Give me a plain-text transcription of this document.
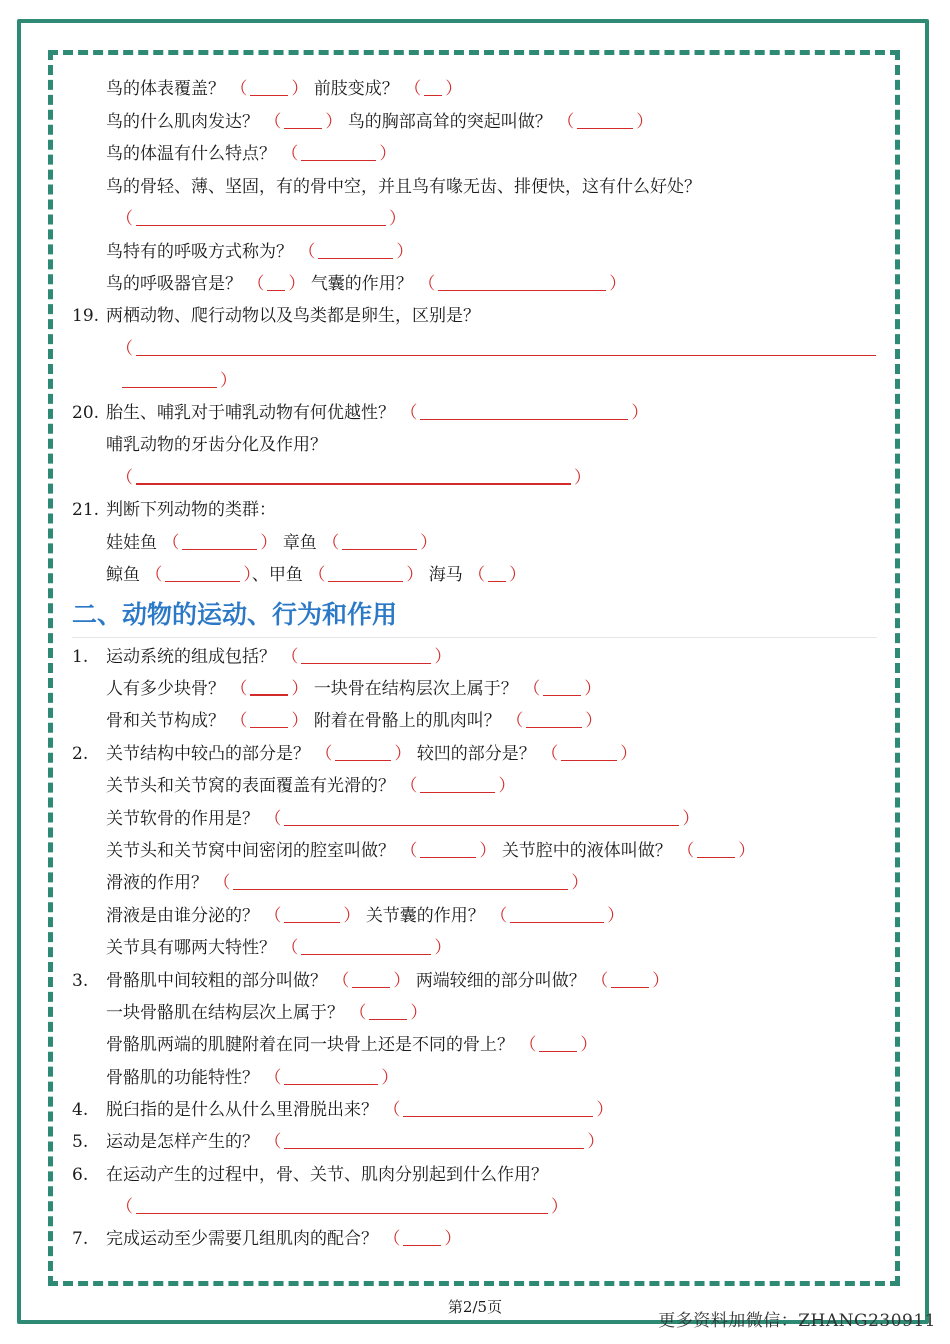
鸟的体表覆盖？ （	） 前肢变成？ （ ）
鸟的什么肌肉发达？ （	） 鸟的胸部高耸的突起叫做？ （	）
鸟的体温有什么特点？ （	）
鸟的骨轻、薄、坚固，有的骨中空，并且鸟有喙无齿、排便快，这有什么好处？
（	）
鸟特有的呼吸方式称为？ （	）
鸟的呼吸器官是？ （ ） 气囊的作用？ （	）
19. 两栖动物、爬行动物以及鸟类都是卵生，区别是？
（
）
20. 胎生、哺乳对于哺乳动物有何优越性？ （	）
哺乳动物的牙齿分化及作用？
（	）
21. 判断下列动物的类群：
娃娃鱼 （	） 章鱼 （	）
鲸鱼 （	）、甲鱼 （	） 海马 （ ）
二、动物的运动、行为和作用
1. 运动系统的组成包括？ （	）
人有多少块骨？ （	） 一块骨在结构层次上属于？ （	）
骨和关节构成？ （	） 附着在骨骼上的肌肉叫？ （	）
2. 关节结构中较凸的部分是？ （	） 较凹的部分是？ （	）
关节头和关节窝的表面覆盖有光滑的？ （	）
关节软骨的作用是？ （	）
关节头和关节窝中间密闭的腔室叫做？ （	） 关节腔中的液体叫做？ （	）
滑液的作用？ （	）
滑液是由谁分泌的？ （	） 关节囊的作用？ （	）
关节具有哪两大特性？ （	）
3. 骨骼肌中间较粗的部分叫做？ （	） 两端较细的部分叫做？ （	）
一块骨骼肌在结构层次上属于？ （	）
骨骼肌两端的肌腱附着在同一块骨上还是不同的骨上？ （	）
骨骼肌的功能特性？ （	）
4. 脱臼指的是什么从什么里滑脱出来？ （	）
5. 运动是怎样产生的？ （	）
6. 在运动产生的过程中，骨、关节、肌肉分别起到什么作用？
（	）
7. 完成运动至少需要几组肌肉的配合？ （	）
第2/5页
更多资料加微信：ZHANG230911
